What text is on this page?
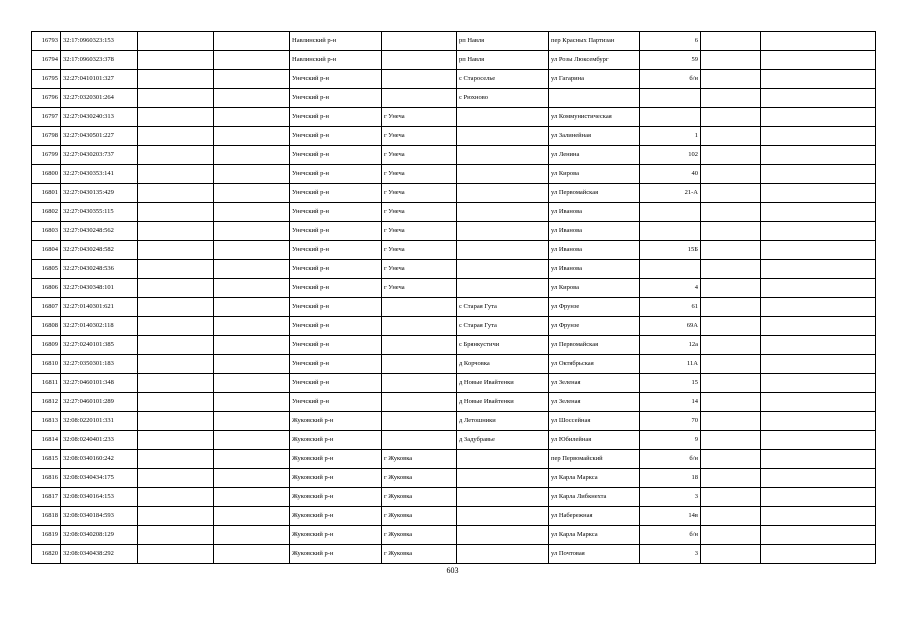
16793	32:17:0960323:153			Навлинский р-н		рп Навля	пер Красных Партизан	6		
16794	32:17:0960323:378			Навлинский р-н		рп Навля	ул Розы Люксембург	59		
16795	32:27:0410101:327			Унечский р-н		с Старосельe	ул Гагарина	б/н		
16796	32:27:0320301:264			Унечский р-н		с Рюхновo				
16797	32:27:0430240:313			Унечский р-н	г Унеча		ул Коммунистическая			
16798	32:27:0430501:227			Унечский р-н	г Унеча		ул Залинейная	1		
16799	32:27:0430203:737			Унечский р-н	г Унеча		ул Ленина	102		
16800	32:27:0430353:141			Унечский р-н	г Унеча		ул Кирова	40		
16801	32:27:0430135:429			Унечский р-н	г Унеча		ул Первомайская	21-А		
16802	32:27:0430355:115			Унечский р-н	г Унеча		ул Иванова			
16803	32:27:0430248:562			Унечский р-н	г Унеча		ул Иванова			
16804	32:27:0430248:582			Унечский р-н	г Унеча		ул Иванова	15Б		
16805	32:27:0430248:536			Унечский р-н	г Унеча		ул Иванова			
16806	32:27:0430348:101			Унечский р-н	г Унеча		ул Кирова	4		
16807	32:27:0140301:621			Унечский р-н		с Старая Гута	ул Фрунзе	61		
16808	32:27:0140302:118			Унечский р-н		с Старая Гута	ул Фрунзе	69А		
16809	32:27:0240101:385			Унечский р-н		с Брянкустичи	ул Первомайская	12а		
16810	32:27:0350301:183			Унечский р-н		д Корчовка	ул Октябрьская	11А		
16811	32:27:0460101:348			Унечский р-н		д Новые Ивайтенки	ул Зеленая	15		
16812	32:27:0460101:289			Унечский р-н		д Новые Ивайтенки	ул Зеленая	14		
16813	32:08:0220101:331			Жуковский р-н		д Летошники	ул Шоссейная	70		
16814	32:08:0240401:233			Жуковский р-н		д Задубравье	ул Юбилейная	9		
16815	32:08:0340160:242			Жуковский р-н	г Жуковка		пер Первомайский	б/н		
16816	32:08:0340434:175			Жуковский р-н	г Жуковка		ул Карла Маркса	18		
16817	32:08:0340164:153			Жуковский р-н	г Жуковка		ул Карла Либкнехта	3		
16818	32:08:0340184:593			Жуковский р-н	г Жуковка		ул Набережная	14в		
16819	32:08:0340208:129			Жуковский р-н	г Жуковка		ул Карла Маркса	б/н		
16820	32:08:0340438:292			Жуковский р-н	г Жуковка		ул Почтовая	3		
603
